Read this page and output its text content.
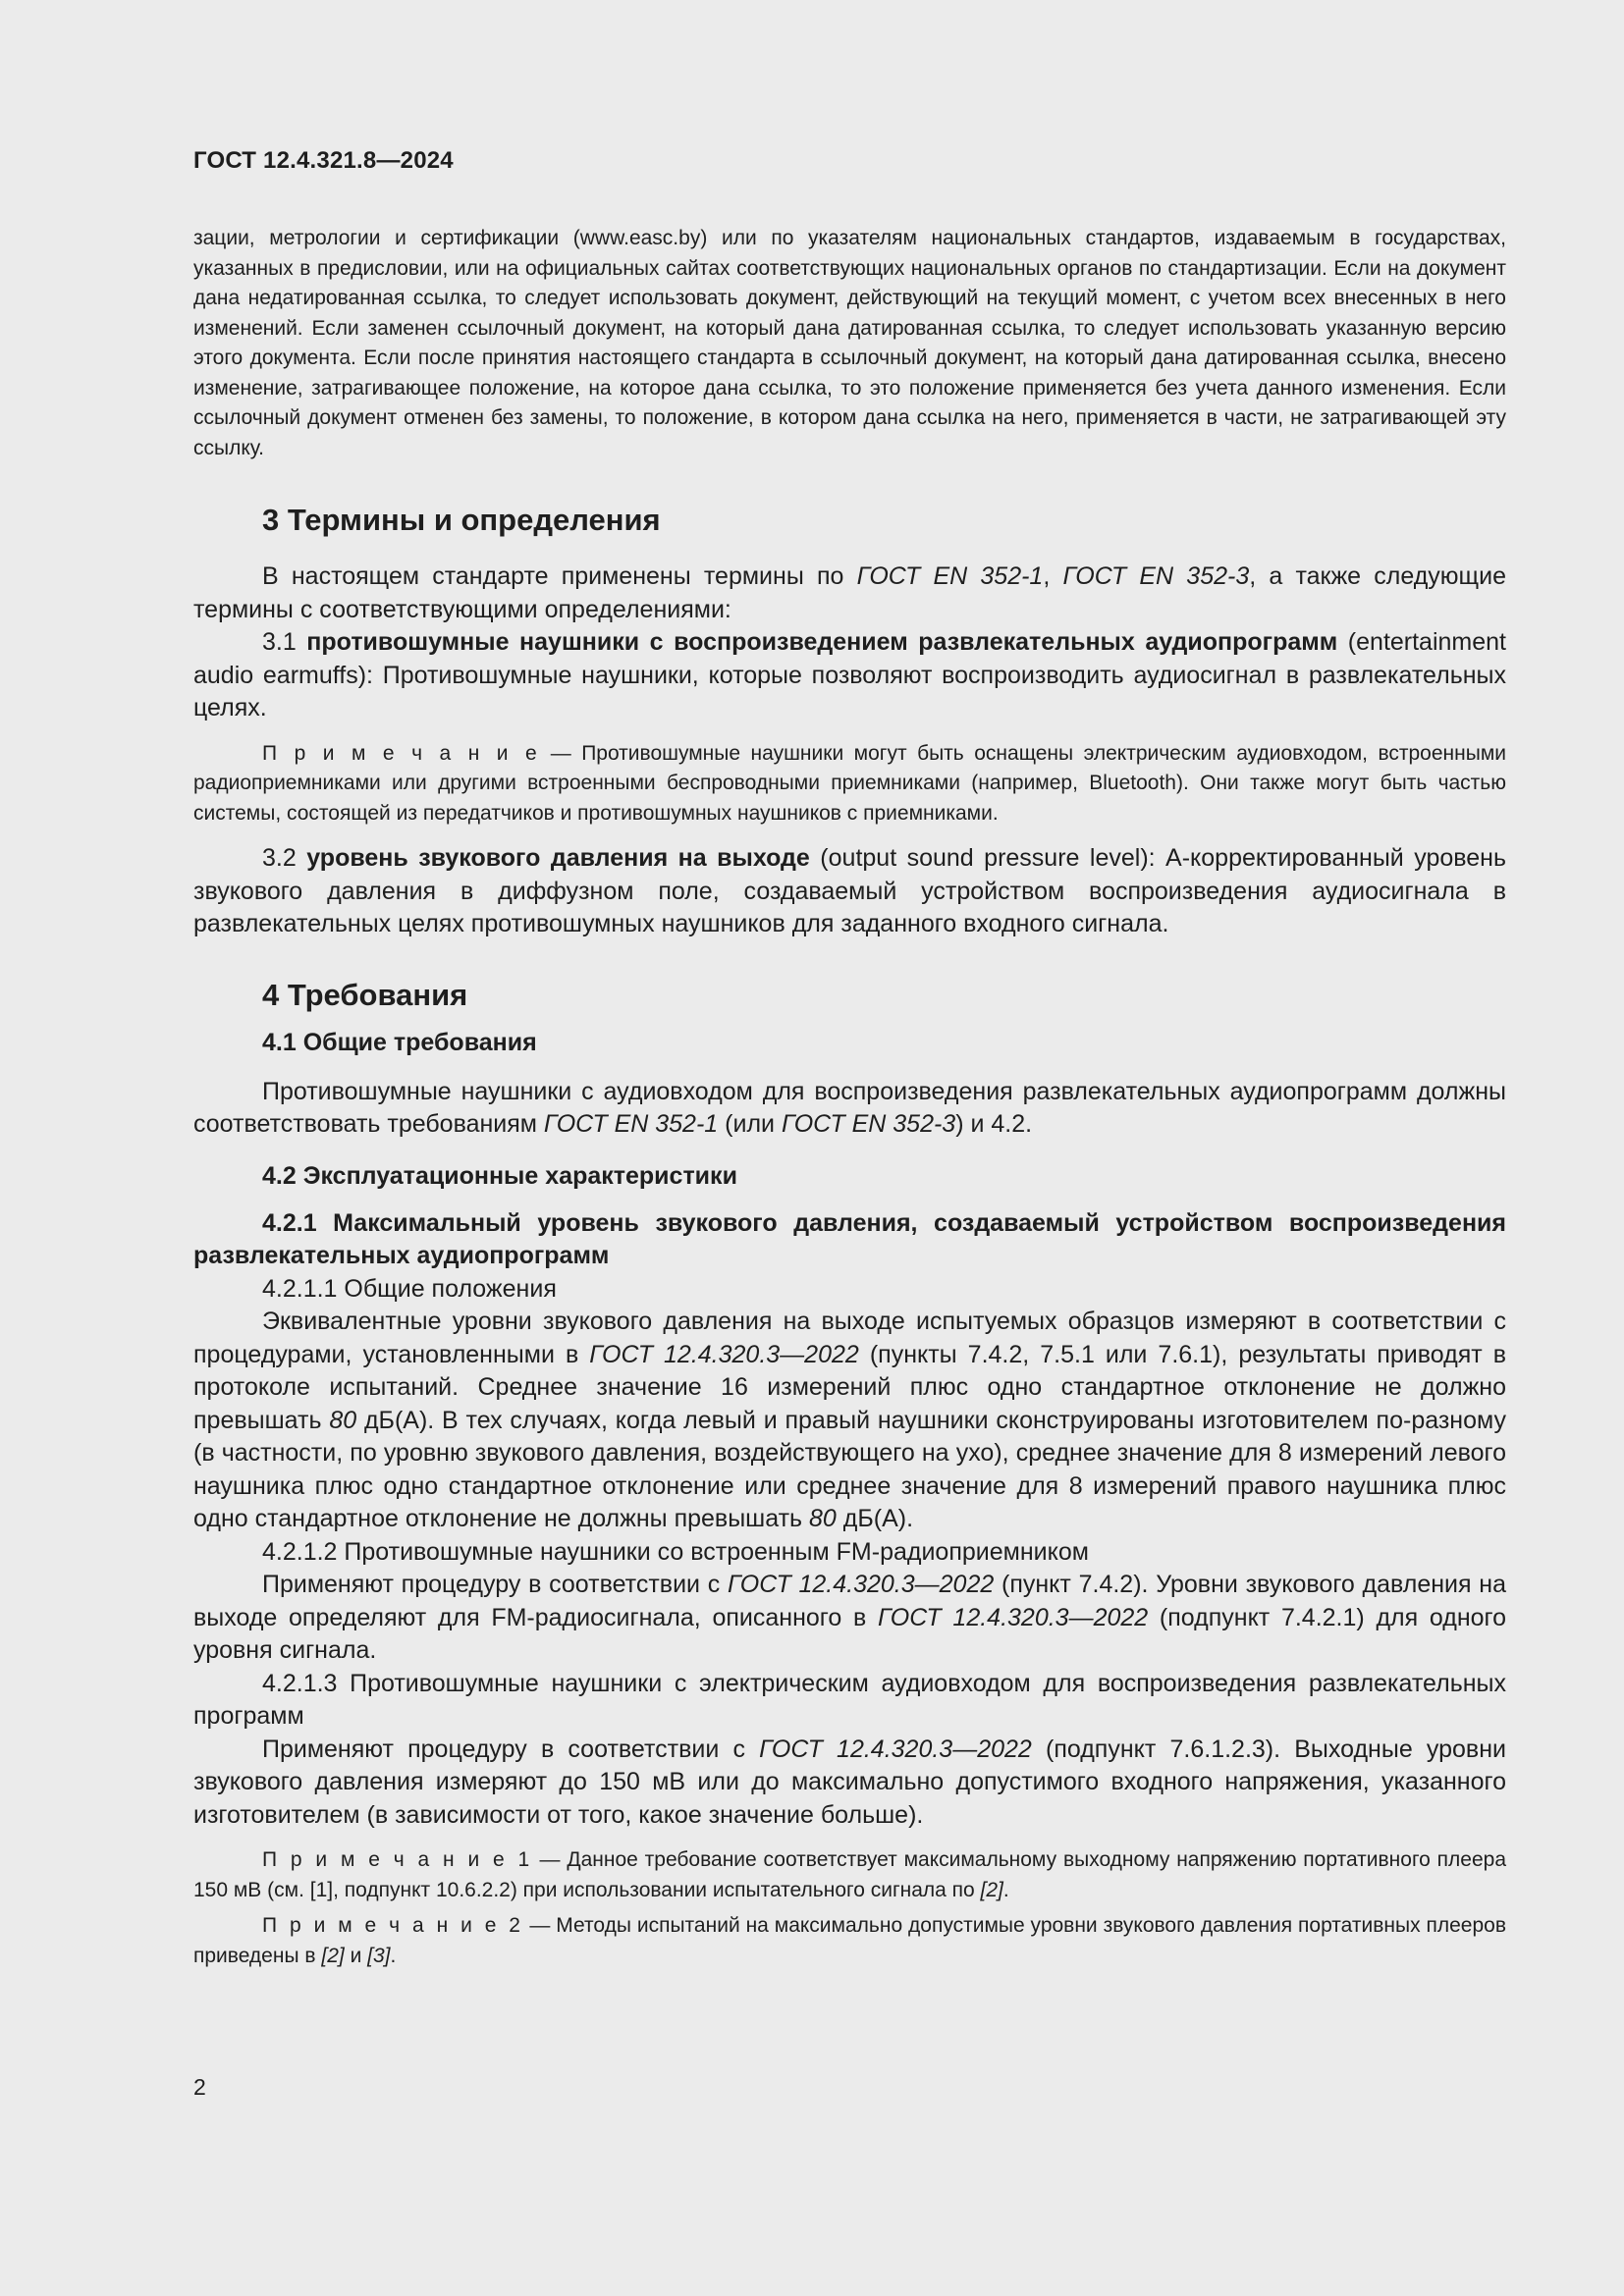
ГОСТ 12.4.321.8—2024

зации, метрологии и сертификации (www.easc.by) или по указателям национальных стандартов, издаваемым в государствах, указанных в предисловии, или на официальных сайтах соответствующих национальных органов по стандартизации. Если на документ дана недатированная ссылка, то следует использовать документ, действующий на текущий момент, с учетом всех внесенных в него изменений. Если заменен ссылочный документ, на который дана датированная ссылка, то следует использовать указанную версию этого документа. Если после принятия настоящего стандарта в ссылочный документ, на который дана датированная ссылка, внесено изменение, затрагивающее положение, на которое дана ссылка, то это положение применяется без учета данного изменения. Если ссылочный документ отменен без замены, то положение, в котором дана ссылка на него, применяется в части, не затрагивающей эту ссылку.

3 Термины и определения

В настоящем стандарте применены термины по ГОСТ EN 352-1, ГОСТ EN 352-3, а также следующие термины с соответствующими определениями:

3.1 противошумные наушники с воспроизведением развлекательных аудиопрограмм (entertainment audio earmuffs): Противошумные наушники, которые позволяют воспроизводить аудиосигнал в развлекательных целях.

П р и м е ч а н и е — Противошумные наушники могут быть оснащены электрическим аудиовходом, встроенными радиоприемниками или другими встроенными беспроводными приемниками (например, Bluetooth). Они также могут быть частью системы, состоящей из передатчиков и противошумных наушников с приемниками.

3.2 уровень звукового давления на выходе (output sound pressure level): А-корректированный уровень звукового давления в диффузном поле, создаваемый устройством воспроизведения аудиосигнала в развлекательных целях противошумных наушников для заданного входного сигнала.

4 Требования

4.1 Общие требования

Противошумные наушники с аудиовходом для воспроизведения развлекательных аудиопрограмм должны соответствовать требованиям ГОСТ EN 352-1 (или ГОСТ EN 352-3) и 4.2.

4.2 Эксплуатационные характеристики

4.2.1 Максимальный уровень звукового давления, создаваемый устройством воспроизведения развлекательных аудиопрограмм

4.2.1.1 Общие положения

Эквивалентные уровни звукового давления на выходе испытуемых образцов измеряют в соответствии с процедурами, установленными в ГОСТ 12.4.320.3—2022 (пункты 7.4.2, 7.5.1 или 7.6.1), результаты приводят в протоколе испытаний. Среднее значение 16 измерений плюс одно стандартное отклонение не должно превышать 80 дБ(А). В тех случаях, когда левый и правый наушники сконструированы изготовителем по-разному (в частности, по уровню звукового давления, воздействующего на ухо), среднее значение для 8 измерений левого наушника плюс одно стандартное отклонение или среднее значение для 8 измерений правого наушника плюс одно стандартное отклонение не должны превышать 80 дБ(А).

4.2.1.2 Противошумные наушники со встроенным FM-радиоприемником

Применяют процедуру в соответствии с ГОСТ 12.4.320.3—2022 (пункт 7.4.2). Уровни звукового давления на выходе определяют для FM-радиосигнала, описанного в ГОСТ 12.4.320.3—2022 (подпункт 7.4.2.1) для одного уровня сигнала.

4.2.1.3 Противошумные наушники с электрическим аудиовходом для воспроизведения развлекательных программ

Применяют процедуру в соответствии с ГОСТ 12.4.320.3—2022 (подпункт 7.6.1.2.3). Выходные уровни звукового давления измеряют до 150 мВ или до максимально допустимого входного напряжения, указанного изготовителем (в зависимости от того, какое значение больше).

П р и м е ч а н и е 1 — Данное требование соответствует максимальному выходному напряжению портативного плеера 150 мВ (см. [1], подпункт 10.6.2.2) при использовании испытательного сигнала по [2].

П р и м е ч а н и е 2 — Методы испытаний на максимально допустимые уровни звукового давления портативных плееров приведены в [2] и [3].

2
